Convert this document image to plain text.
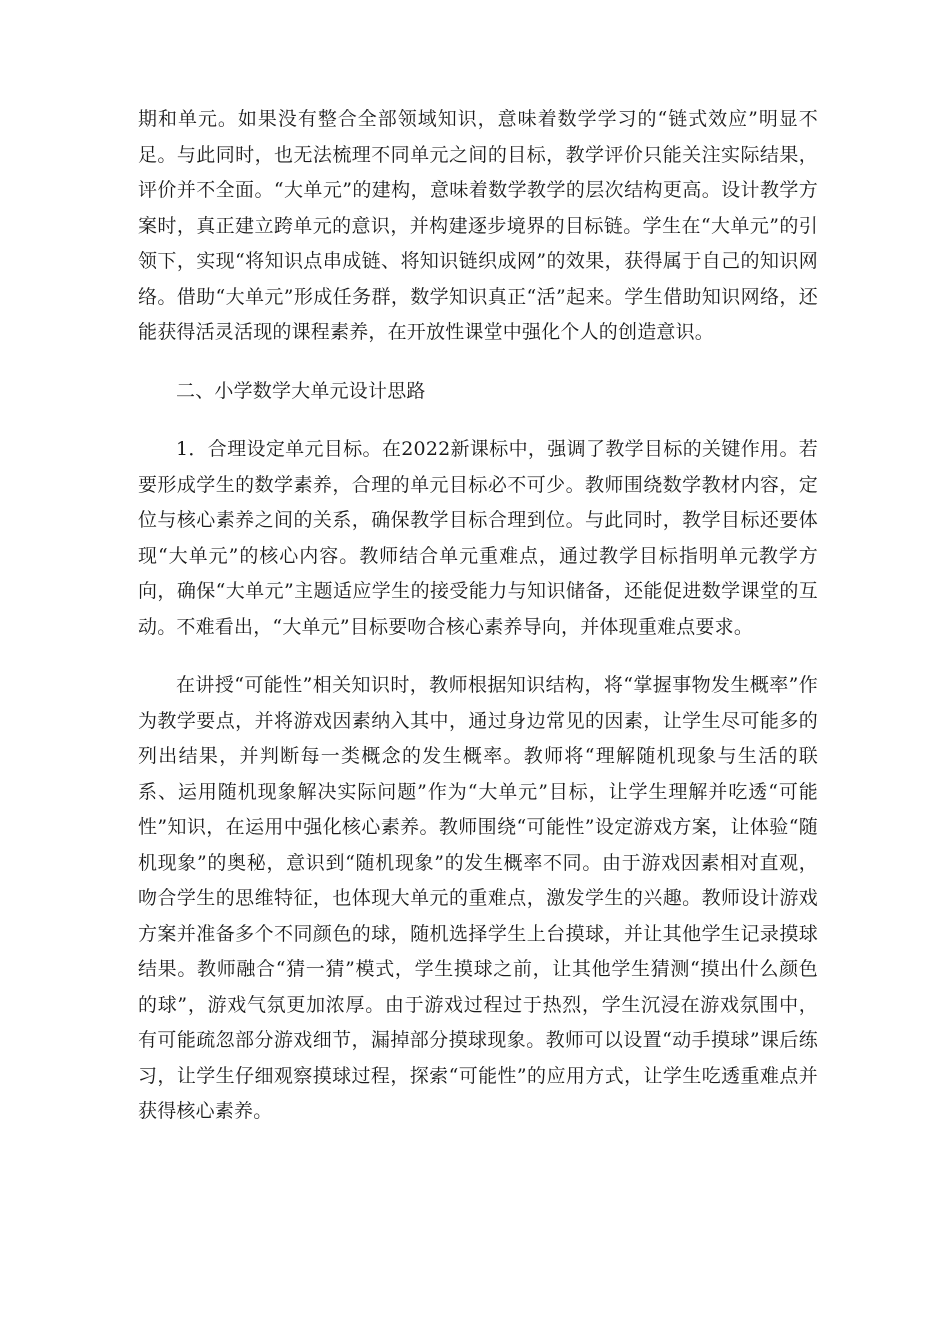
期和单元。如果没有整合全部领域知识，意味着数学学习的“链式效应”明显不足。与此同时，也无法梳理不同单元之间的目标，教学评价只能关注实际结果，评价并不全面。“大单元”的建构，意味着数学教学的层次结构更高。设计教学方案时，真正建立跨单元的意识，并构建逐步境界的目标链。学生在“大单元”的引领下，实现“将知识点串成链、将知识链织成网”的效果，获得属于自己的知识网络。借助“大单元”形成任务群，数学知识真正“活”起来。学生借助知识网络，还能获得活灵活现的课程素养，在开放性课堂中强化个人的创造意识。

二、小学数学大单元设计思路

1．合理设定单元目标。在2022新课标中，强调了教学目标的关键作用。若要形成学生的数学素养，合理的单元目标必不可少。教师围绕数学教材内容，定位与核心素养之间的关系，确保教学目标合理到位。与此同时，教学目标还要体现“大单元”的核心内容。教师结合单元重难点，通过教学目标指明单元教学方向，确保“大单元”主题适应学生的接受能力与知识储备，还能促进数学课堂的互动。不难看出，“大单元”目标要吻合核心素养导向，并体现重难点要求。

在讲授“可能性”相关知识时，教师根据知识结构，将“掌握事物发生概率”作为教学要点，并将游戏因素纳入其中，通过身边常见的因素，让学生尽可能多的列出结果，并判断每一类概念的发生概率。教师将“理解随机现象与生活的联系、运用随机现象解决实际问题”作为“大单元”目标，让学生理解并吃透“可能性”知识，在运用中强化核心素养。教师围绕“可能性”设定游戏方案，让体验“随机现象”的奥秘，意识到“随机现象”的发生概率不同。由于游戏因素相对直观，吻合学生的思维特征，也体现大单元的重难点，激发学生的兴趣。教师设计游戏方案并准备多个不同颜色的球，随机选择学生上台摸球，并让其他学生记录摸球结果。教师融合“猜一猜”模式，学生摸球之前，让其他学生猜测“摸出什么颜色的球”，游戏气氛更加浓厚。由于游戏过程过于热烈，学生沉浸在游戏氛围中，有可能疏忽部分游戏细节，漏掉部分摸球现象。教师可以设置“动手摸球”课后练习，让学生仔细观察摸球过程，探索“可能性”的应用方式，让学生吃透重难点并获得核心素养。
